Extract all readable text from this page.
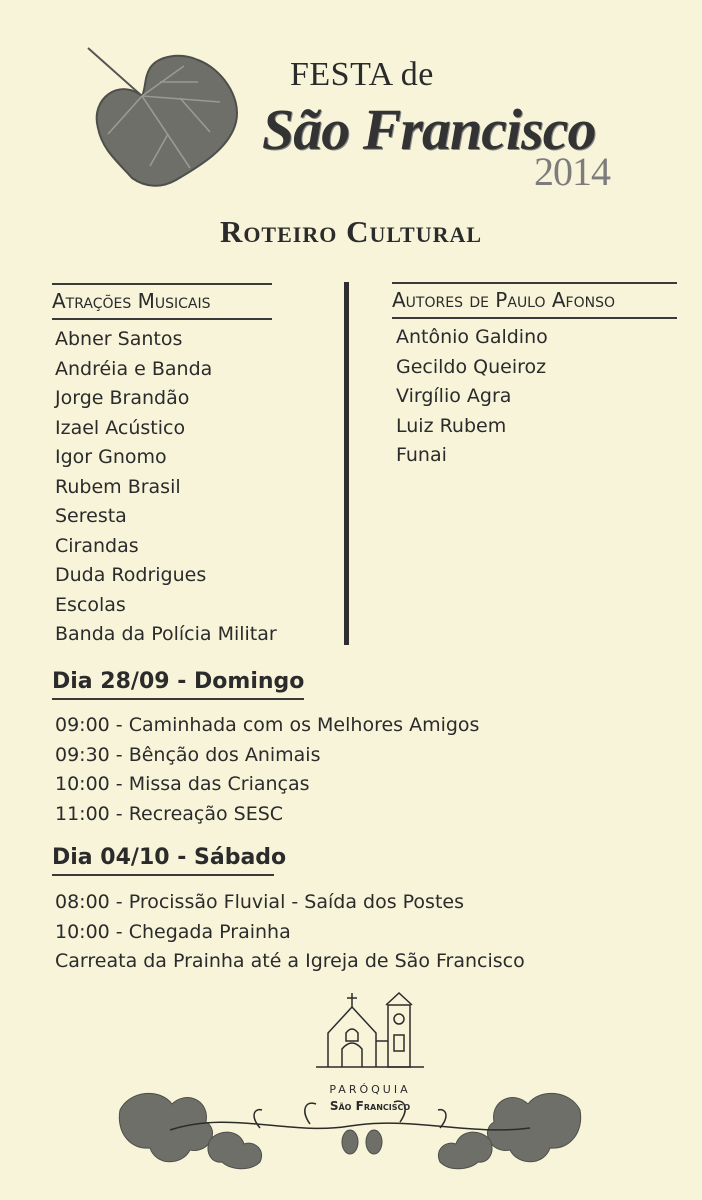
FESTA de
São Francisco
2014
Roteiro Cultural
Atrações Musicais
Abner Santos
Andréia e Banda
Jorge Brandão
Izael Acústico
Igor Gnomo
Rubem Brasil
Seresta
Cirandas
Duda Rodrigues
Escolas
Banda da Polícia Militar
Autores de Paulo Afonso
Antônio Galdino
Gecildo Queiroz
Virgílio Agra
Luiz Rubem
Funai
Dia 28/09 - Domingo
09:00 - Caminhada com os Melhores Amigos
09:30 - Bênção dos Animais
10:00 - Missa das Crianças
11:00 - Recreação SESC
Dia 04/10 - Sábado
08:00 - Procissão Fluvial - Saída dos Postes
10:00 - Chegada Prainha
Carreata da Prainha até a Igreja de São Francisco
PARÓQUIA
São Francisco
